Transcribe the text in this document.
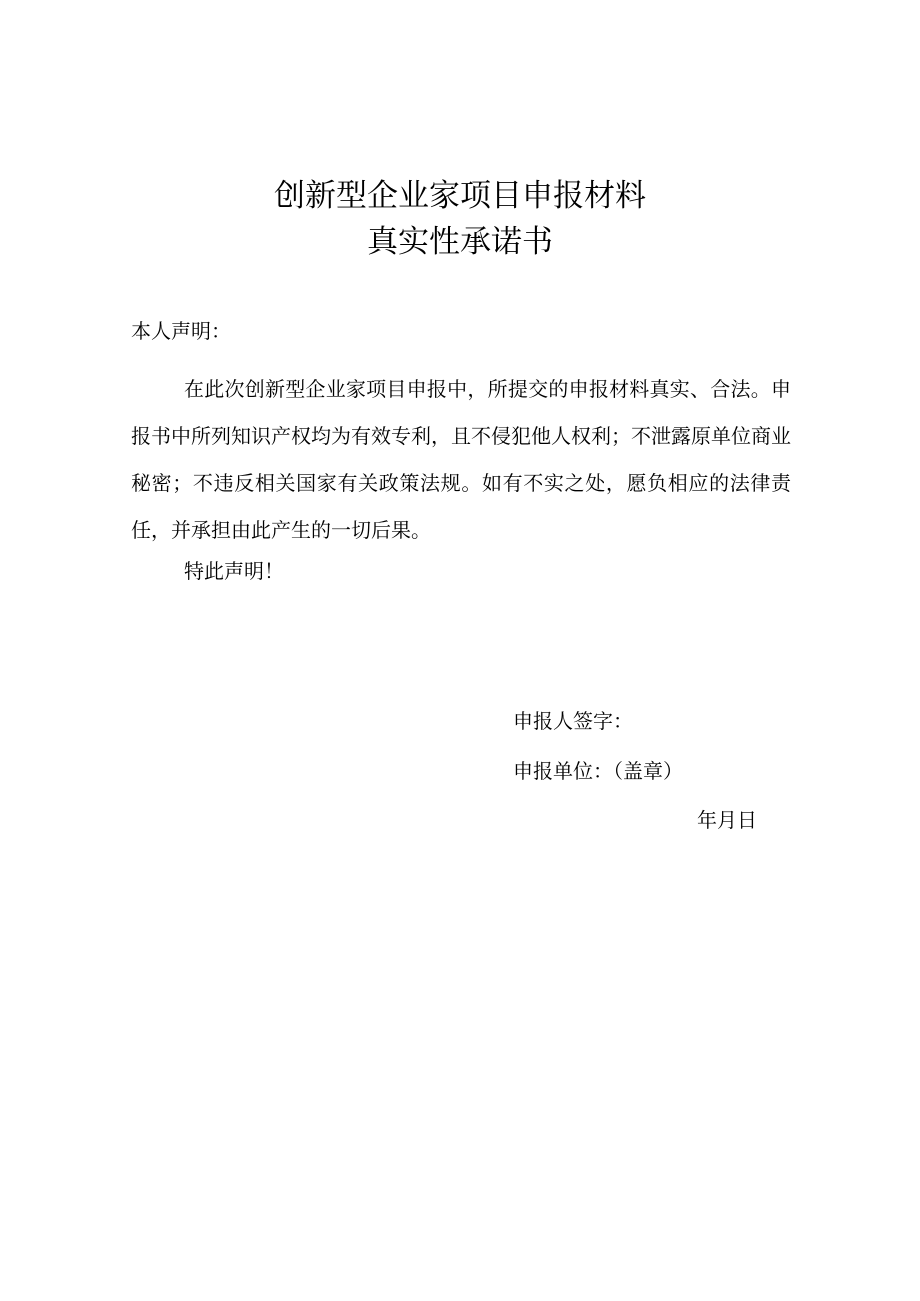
创新型企业家项目申报材料
真实性承诺书
本人声明：
在此次创新型企业家项目申报中，所提交的申报材料真实、合法。申报书中所列知识产权均为有效专利，且不侵犯他人权利；不泄露原单位商业秘密；不违反相关国家有关政策法规。如有不实之处，愿负相应的法律责任，并承担由此产生的一切后果。
特此声明！
申报人签字：
申报单位：（盖章）
年月日
